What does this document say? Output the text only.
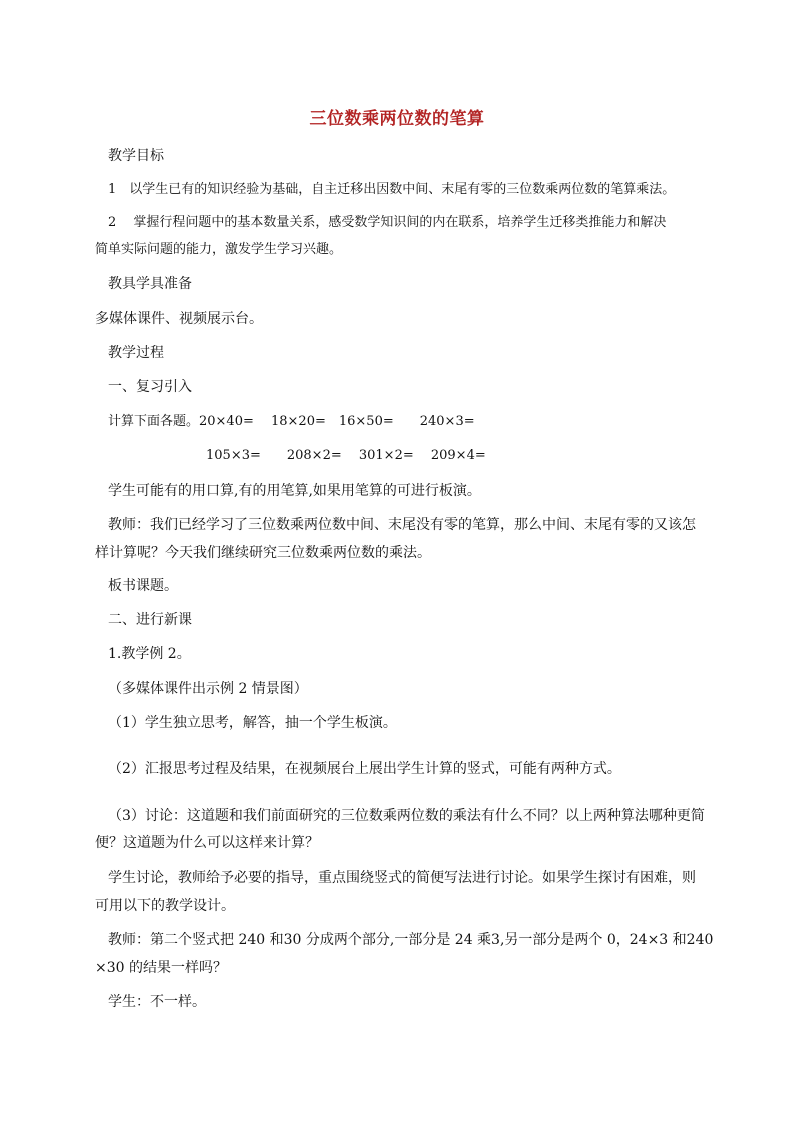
三位数乘两位数的笔算
教学目标
1　以学生已有的知识经验为基础，自主迁移出因数中间、末尾有零的三位数乘两位数的笔算乘法。
2　 掌握行程问题中的基本数量关系，感受数学知识间的内在联系，培养学生迁移类推能力和解决
简单实际问题的能力，激发学生学习兴趣。
教具学具准备
多媒体课件、视频展示台。
教学过程
一、复习引入
计算下面各题。20×40=　 18×20=　16×50=　　240×3=
105×3=　　208×2=　 301×2=　 209×4=
学生可能有的用口算,有的用笔算,如果用笔算的可进行板演。
教师：我们已经学习了三位数乘两位数中间、末尾没有零的笔算，那么中间、末尾有零的又该怎
样计算呢？今天我们继续研究三位数乘两位数的乘法。
板书课题。
二、进行新课
1.教学例 2。
（多媒体课件出示例 2 情景图）
（1）学生独立思考，解答，抽一个学生板演。
（2）汇报思考过程及结果，在视频展台上展出学生计算的竖式，可能有两种方式。
（3）讨论：这道题和我们前面研究的三位数乘两位数的乘法有什么不同？以上两种算法哪种更简
便？这道题为什么可以这样来计算？
学生讨论，教师给予必要的指导，重点围绕竖式的简便写法进行讨论。如果学生探讨有困难，则
可用以下的教学设计。
教师：第二个竖式把 240 和30 分成两个部分,一部分是 24 乘3,另一部分是两个 0，24×3 和240
×30 的结果一样吗？
学生：不一样。
